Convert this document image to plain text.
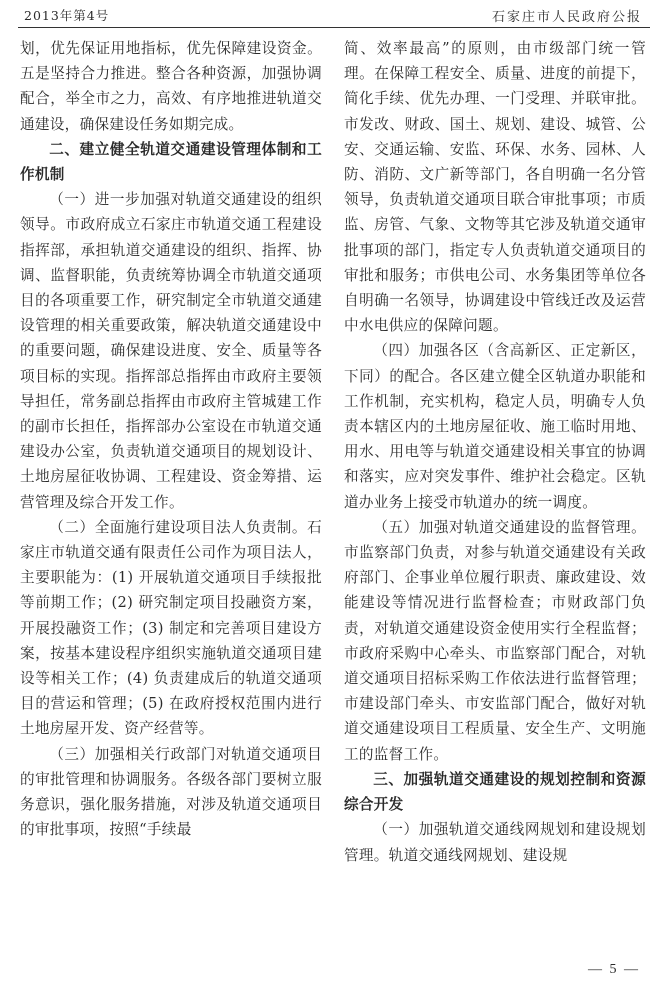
2013年第4号	石家庄市人民政府公报

划，优先保证用地指标，优先保障建设资金。五是坚持合力推进。整合各种资源，加强协调配合，举全市之力，高效、有序地推进轨道交通建设，确保建设任务如期完成。

二、建立健全轨道交通建设管理体制和工作机制

（一）进一步加强对轨道交通建设的组织领导。市政府成立石家庄市轨道交通工程建设指挥部，承担轨道交通建设的组织、指挥、协调、监督职能，负责统筹协调全市轨道交通项目的各项重要工作，研究制定全市轨道交通建设管理的相关重要政策，解决轨道交通建设中的重要问题，确保建设进度、安全、质量等各项目标的实现。指挥部总指挥由市政府主要领导担任，常务副总指挥由市政府主管城建工作的副市长担任，指挥部办公室设在市轨道交通建设办公室，负责轨道交通项目的规划设计、土地房屋征收协调、工程建设、资金筹措、运营管理及综合开发工作。

（二）全面施行建设项目法人负责制。石家庄市轨道交通有限责任公司作为项目法人，主要职能为：(1) 开展轨道交通项目手续报批等前期工作；(2) 研究制定项目投融资方案，开展投融资工作；(3) 制定和完善项目建设方案，按基本建设程序组织实施轨道交通项目建设等相关工作；(4) 负责建成后的轨道交通项目的营运和管理；(5) 在政府授权范围内进行土地房屋开发、资产经营等。

（三）加强相关行政部门对轨道交通项目的审批管理和协调服务。各级各部门要树立服务意识，强化服务措施，对涉及轨道交通项目的审批事项，按照“手续最

简、效率最高”的原则，由市级部门统一管理。在保障工程安全、质量、进度的前提下，简化手续、优先办理、一门受理、并联审批。市发改、财政、国土、规划、建设、城管、公安、交通运输、安监、环保、水务、园林、人防、消防、文广新等部门，各自明确一名分管领导，负责轨道交通项目联合审批事项；市质监、房管、气象、文物等其它涉及轨道交通审批事项的部门，指定专人负责轨道交通项目的审批和服务；市供电公司、水务集团等单位各自明确一名领导，协调建设中管线迁改及运营中水电供应的保障问题。

（四）加强各区（含高新区、正定新区，下同）的配合。各区建立健全区轨道办职能和工作机制，充实机构，稳定人员，明确专人负责本辖区内的土地房屋征收、施工临时用地、用水、用电等与轨道交通建设相关事宜的协调和落实，应对突发事件、维护社会稳定。区轨道办业务上接受市轨道办的统一调度。

（五）加强对轨道交通建设的监督管理。市监察部门负责，对参与轨道交通建设有关政府部门、企事业单位履行职责、廉政建设、效能建设等情况进行监督检查；市财政部门负责，对轨道交通建设资金使用实行全程监督；市政府采购中心牵头、市监察部门配合，对轨道交通项目招标采购工作依法进行监督管理；市建设部门牵头、市安监部门配合，做好对轨道交通建设项目工程质量、安全生产、文明施工的监督工作。

三、加强轨道交通建设的规划控制和资源综合开发

（一）加强轨道交通线网规划和建设规划管理。轨道交通线网规划、建设规

— 5 —
